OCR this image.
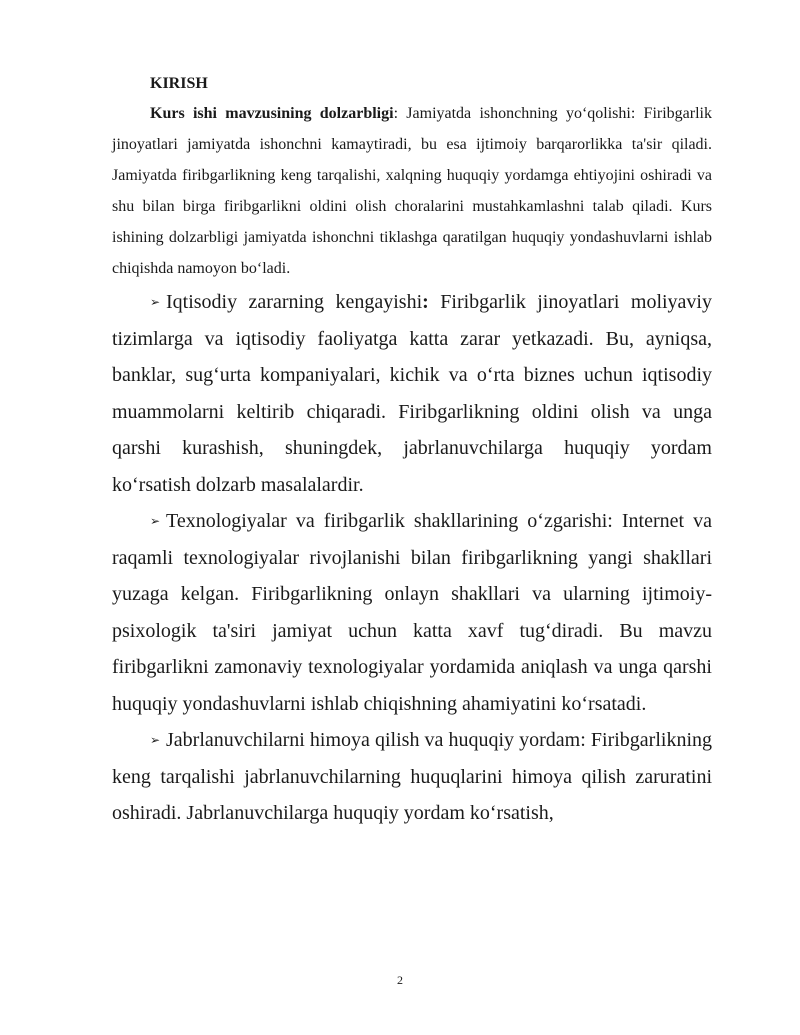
KIRISH

Kurs ishi mavzusining dolzarbligi: Jamiyatda ishonchning yo‘qolishi: Firibgarlik jinoyatlari jamiyatda ishonchni kamaytiradi, bu esa ijtimoiy barqarorlikka ta'sir qiladi. Jamiyatda firibgarlikning keng tarqalishi, xalqning huquqiy yordamga ehtiyojini oshiradi va shu bilan birga firibgarlikni oldini olish choralarini mustahkamlashni talab qiladi. Kurs ishining dolzarbligi jamiyatda ishonchni tiklashga qaratilgan huquqiy yondashuvlarni ishlab chiqishda namoyon bo‘ladi.

➢ Iqtisodiy zararning kengayishi: Firibgarlik jinoyatlari moliyaviy tizimlarga va iqtisodiy faoliyatga katta zarar yetkazadi. Bu, ayniqsa, banklar, sug‘urta kompaniyalari, kichik va o‘rta biznes uchun iqtisodiy muammolarni keltirib chiqaradi. Firibgarlikning oldini olish va unga qarshi kurashish, shuningdek, jabrlanuvchilarga huquqiy yordam ko‘rsatish dolzarb masalalardir.

➢ Texnologiyalar va firibgarlik shakllarining o‘zgarishi: Internet va raqamli texnologiyalar rivojlanishi bilan firibgarlikning yangi shakllari yuzaga kelgan. Firibgarlikning onlayn shakllari va ularning ijtimoiy-psixologik ta'siri jamiyat uchun katta xavf tug‘diradi. Bu mavzu firibgarlikni zamonaviy texnologiyalar yordamida aniqlash va unga qarshi huquqiy yondashuvlarni ishlab chiqishning ahamiyatini ko‘rsatadi.

➢ Jabrlanuvchilarni himoya qilish va huquqiy yordam: Firibgarlikning keng tarqalishi jabrlanuvchilarning huquqlarini himoya qilish zaruratini oshiradi. Jabrlanuvchilarga huquqiy yordam ko‘rsatish,

2
